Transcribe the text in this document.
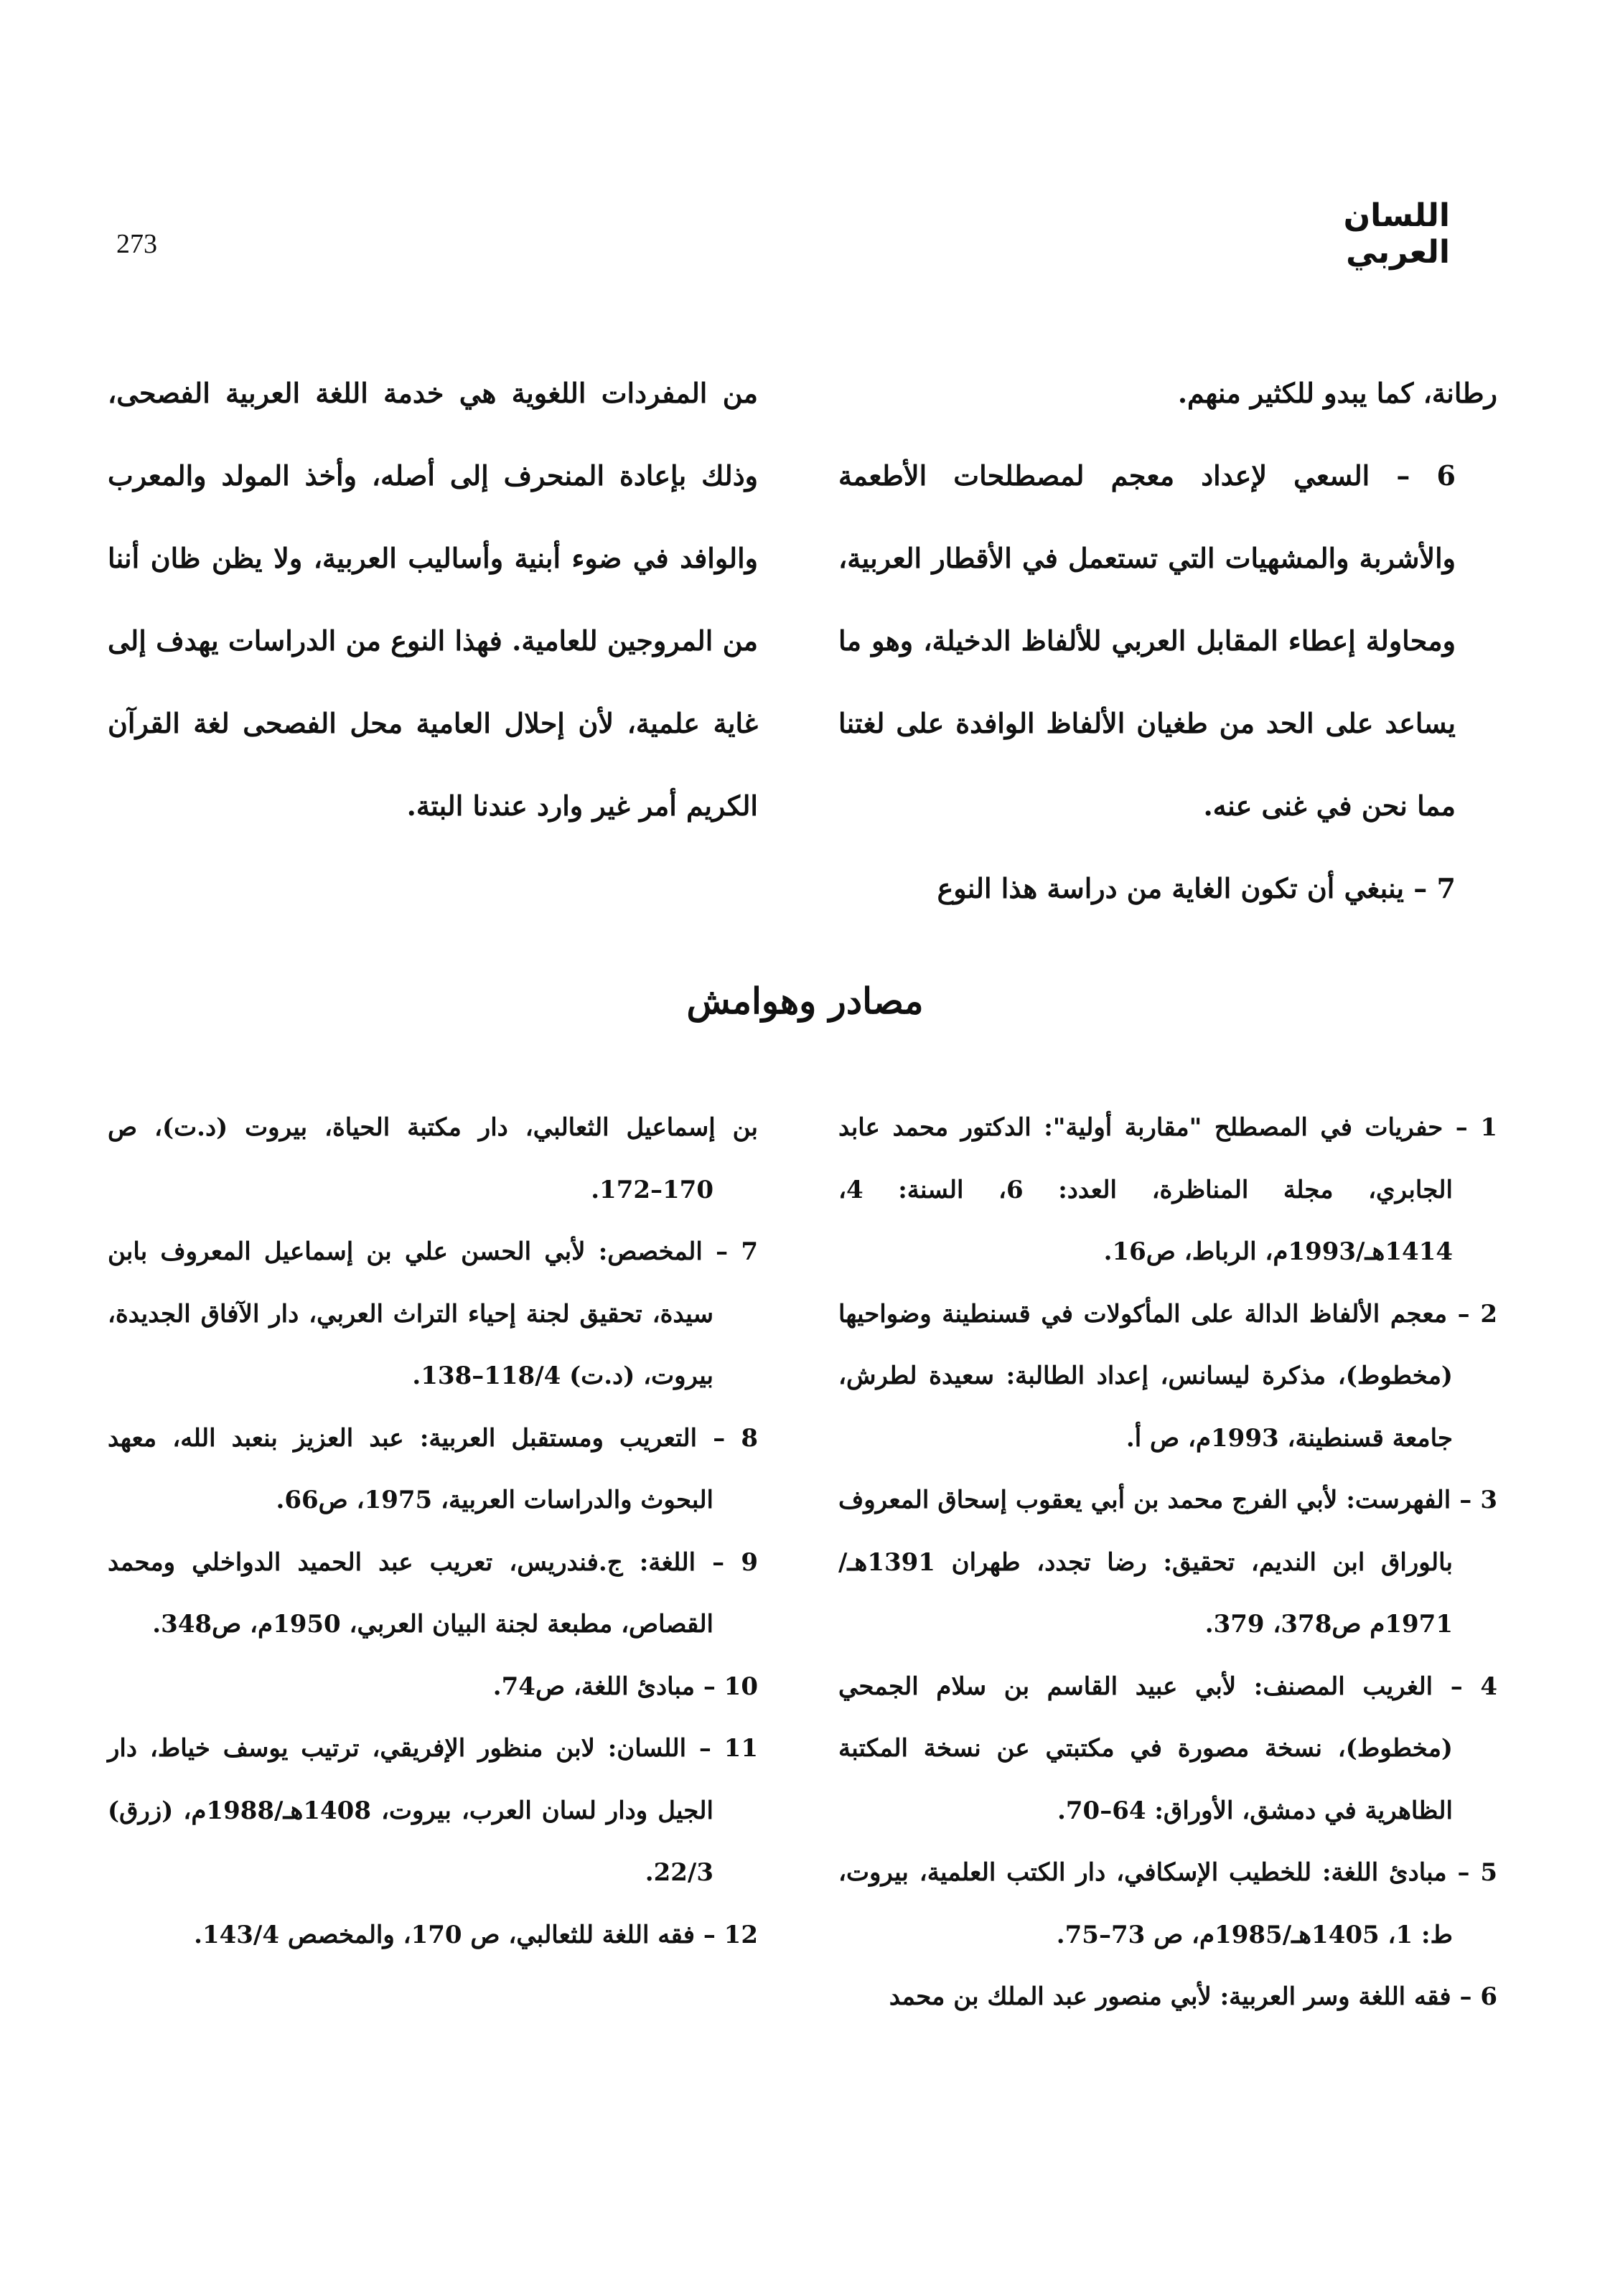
273
اللسان العربي

رطانة، كما يبدو للكثير منهم.

6 – السعي لإعداد معجم لمصطلحات الأطعمة والأشربة والمشهيات التي تستعمل في الأقطار العربية، ومحاولة إعطاء المقابل العربي للألفاظ الدخيلة، وهو ما يساعد على الحد من طغيان الألفاظ الوافدة على لغتنا مما نحن في غنى عنه.

7 – ينبغي أن تكون الغاية من دراسة هذا النوع

من المفردات اللغوية هي خدمة اللغة العربية الفصحى، وذلك بإعادة المنحرف إلى أصله، وأخذ المولد والمعرب والوافد في ضوء أبنية وأساليب العربية، ولا يظن ظان أننا من المروجين للعامية. فهذا النوع من الدراسات يهدف إلى غاية علمية، لأن إحلال العامية محل الفصحى لغة القرآن الكريم أمر غير وارد عندنا البتة.

مصادر وهوامش

1 – حفريات في المصطلح "مقاربة أولية": الدكتور محمد عابد الجابري، مجلة المناظرة، العدد: 6، السنة: 4، 1414هـ/1993م، الرباط، ص16.

2 – معجم الألفاظ الدالة على المأكولات في قسنطينة وضواحيها (مخطوط)، مذكرة ليسانس، إعداد الطالبة: سعيدة لطرش، جامعة قسنطينة، 1993م، ص أ.

3 – الفهرست: لأبي الفرج محمد بن أبي يعقوب إسحاق المعروف بالوراق ابن النديم، تحقيق: رضا تجدد، طهران 1391هـ/ 1971م ص378، 379.

4 – الغريب المصنف: لأبي عبيد القاسم بن سلام الجمحي (مخطوط)، نسخة مصورة في مكتبتي عن نسخة المكتبة الظاهرية في دمشق، الأوراق: 64–70.

5 – مبادئ اللغة: للخطيب الإسكافي، دار الكتب العلمية، بيروت، ط: 1، 1405هـ/1985م، ص 73–75.

6 – فقه اللغة وسر العربية: لأبي منصور عبد الملك بن محمد

بن إسماعيل الثعالبي، دار مكتبة الحياة، بيروت (د.ت)، ص 170–172.

7 – المخصص: لأبي الحسن علي بن إسماعيل المعروف بابن سيدة، تحقيق لجنة إحياء التراث العربي، دار الآفاق الجديدة، بيروت، (د.ت) 118/4–138.

8 – التعريب ومستقبل العربية: عبد العزيز بنعبد الله، معهد البحوث والدراسات العربية، 1975، ص66.

9 – اللغة: ج.فندريس، تعريب عبد الحميد الدواخلي ومحمد القصاص، مطبعة لجنة البيان العربي، 1950م، ص348.

10 – مبادئ اللغة، ص74.

11 – اللسان: لابن منظور الإفريقي، ترتيب يوسف خياط، دار الجيل ودار لسان العرب، بيروت، 1408هـ/1988م، (زرق) 22/3.

12 – فقه اللغة للثعالبي، ص 170، والمخصص 143/4.
